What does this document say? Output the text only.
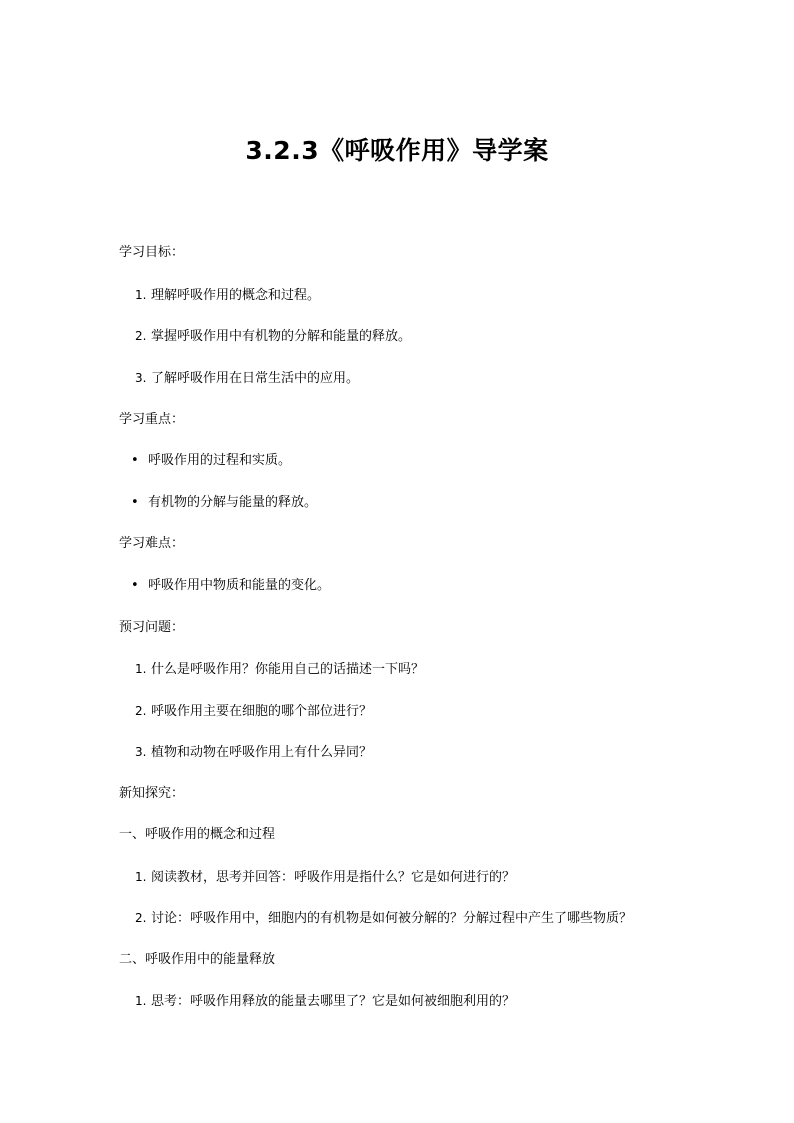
3.2.3《呼吸作用》导学案
学习目标：
1. 理解呼吸作用的概念和过程。
2. 掌握呼吸作用中有机物的分解和能量的释放。
3. 了解呼吸作用在日常生活中的应用。
学习重点：
• 呼吸作用的过程和实质。
• 有机物的分解与能量的释放。
学习难点：
• 呼吸作用中物质和能量的变化。
预习问题：
1. 什么是呼吸作用？你能用自己的话描述一下吗？
2. 呼吸作用主要在细胞的哪个部位进行？
3. 植物和动物在呼吸作用上有什么异同？
新知探究：
一、呼吸作用的概念和过程
1. 阅读教材，思考并回答：呼吸作用是指什么？它是如何进行的？
2. 讨论：呼吸作用中，细胞内的有机物是如何被分解的？分解过程中产生了哪些物质？
二、呼吸作用中的能量释放
1. 思考：呼吸作用释放的能量去哪里了？它是如何被细胞利用的？
